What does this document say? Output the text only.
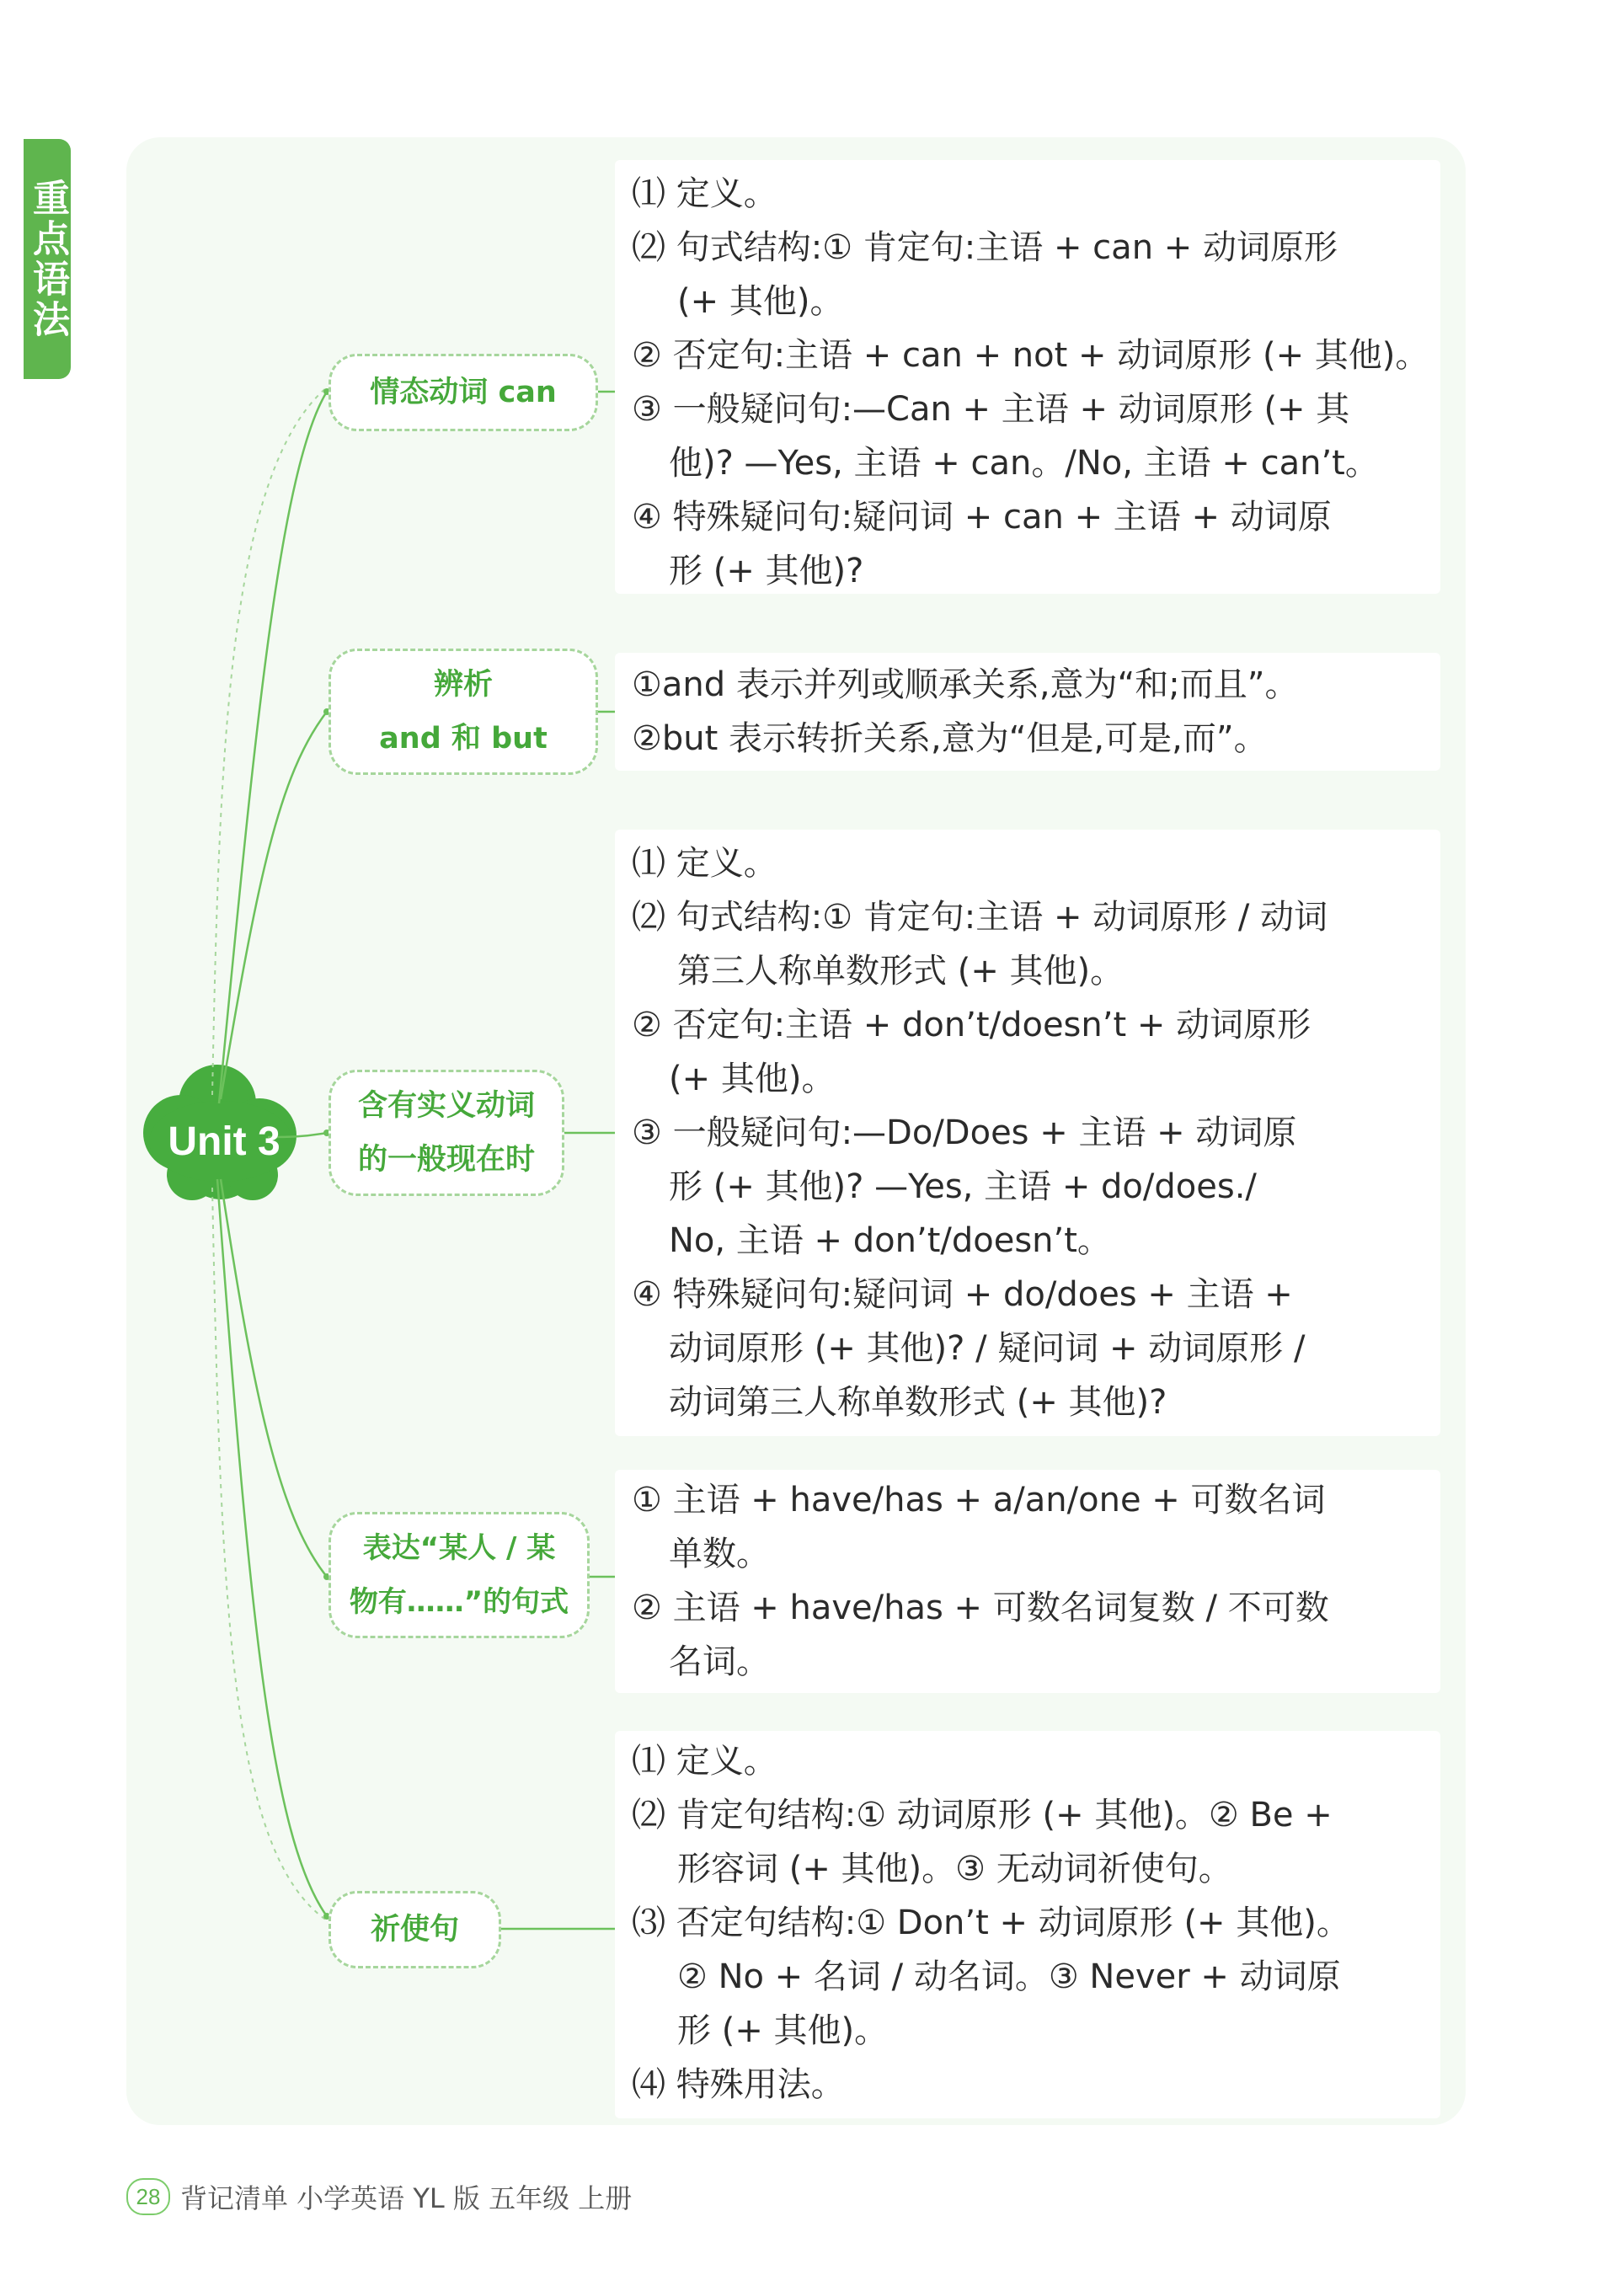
重点语法
Unit 3
情态动词 can
⑴ 定义。
⑵ 句式结构:① 肯定句:主语 + can + 动词原形
(+ 其他)。
② 否定句:主语 + can + not + 动词原形 (+ 其他)。
③ 一般疑问句:—Can + 主语 + 动词原形 (+ 其
他)? —Yes, 主语 + can。/No, 主语 + can’t。
④ 特殊疑问句:疑问词 + can + 主语 + 动词原
形 (+ 其他)?
辨析
and 和 but
①and 表示并列或顺承关系,意为“和;而且”。
②but 表示转折关系,意为“但是,可是,而”。
含有实义动词
的一般现在时
⑴ 定义。
⑵ 句式结构:① 肯定句:主语 + 动词原形 / 动词
第三人称单数形式 (+ 其他)。
② 否定句:主语 + don’t/doesn’t + 动词原形
(+ 其他)。
③ 一般疑问句:—Do/Does + 主语 + 动词原
形 (+ 其他)? —Yes, 主语 + do/does./
No, 主语 + don’t/doesn’t。
④ 特殊疑问句:疑问词 + do/does + 主语 +
动词原形 (+ 其他)? / 疑问词 + 动词原形 /
动词第三人称单数形式 (+ 其他)?
表达“某人 / 某
物有……”的句式
① 主语 + have/has + a/an/one + 可数名词
单数。
② 主语 + have/has + 可数名词复数 / 不可数
名词。
祈使句
⑴ 定义。
⑵ 肯定句结构:① 动词原形 (+ 其他)。② Be +
形容词 (+ 其他)。③ 无动词祈使句。
⑶ 否定句结构:① Don’t + 动词原形 (+ 其他)。
② No + 名词 / 动名词。③ Never + 动词原
形 (+ 其他)。
⑷ 特殊用法。
28 背记清单 小学英语 YL 版 五年级 上册
